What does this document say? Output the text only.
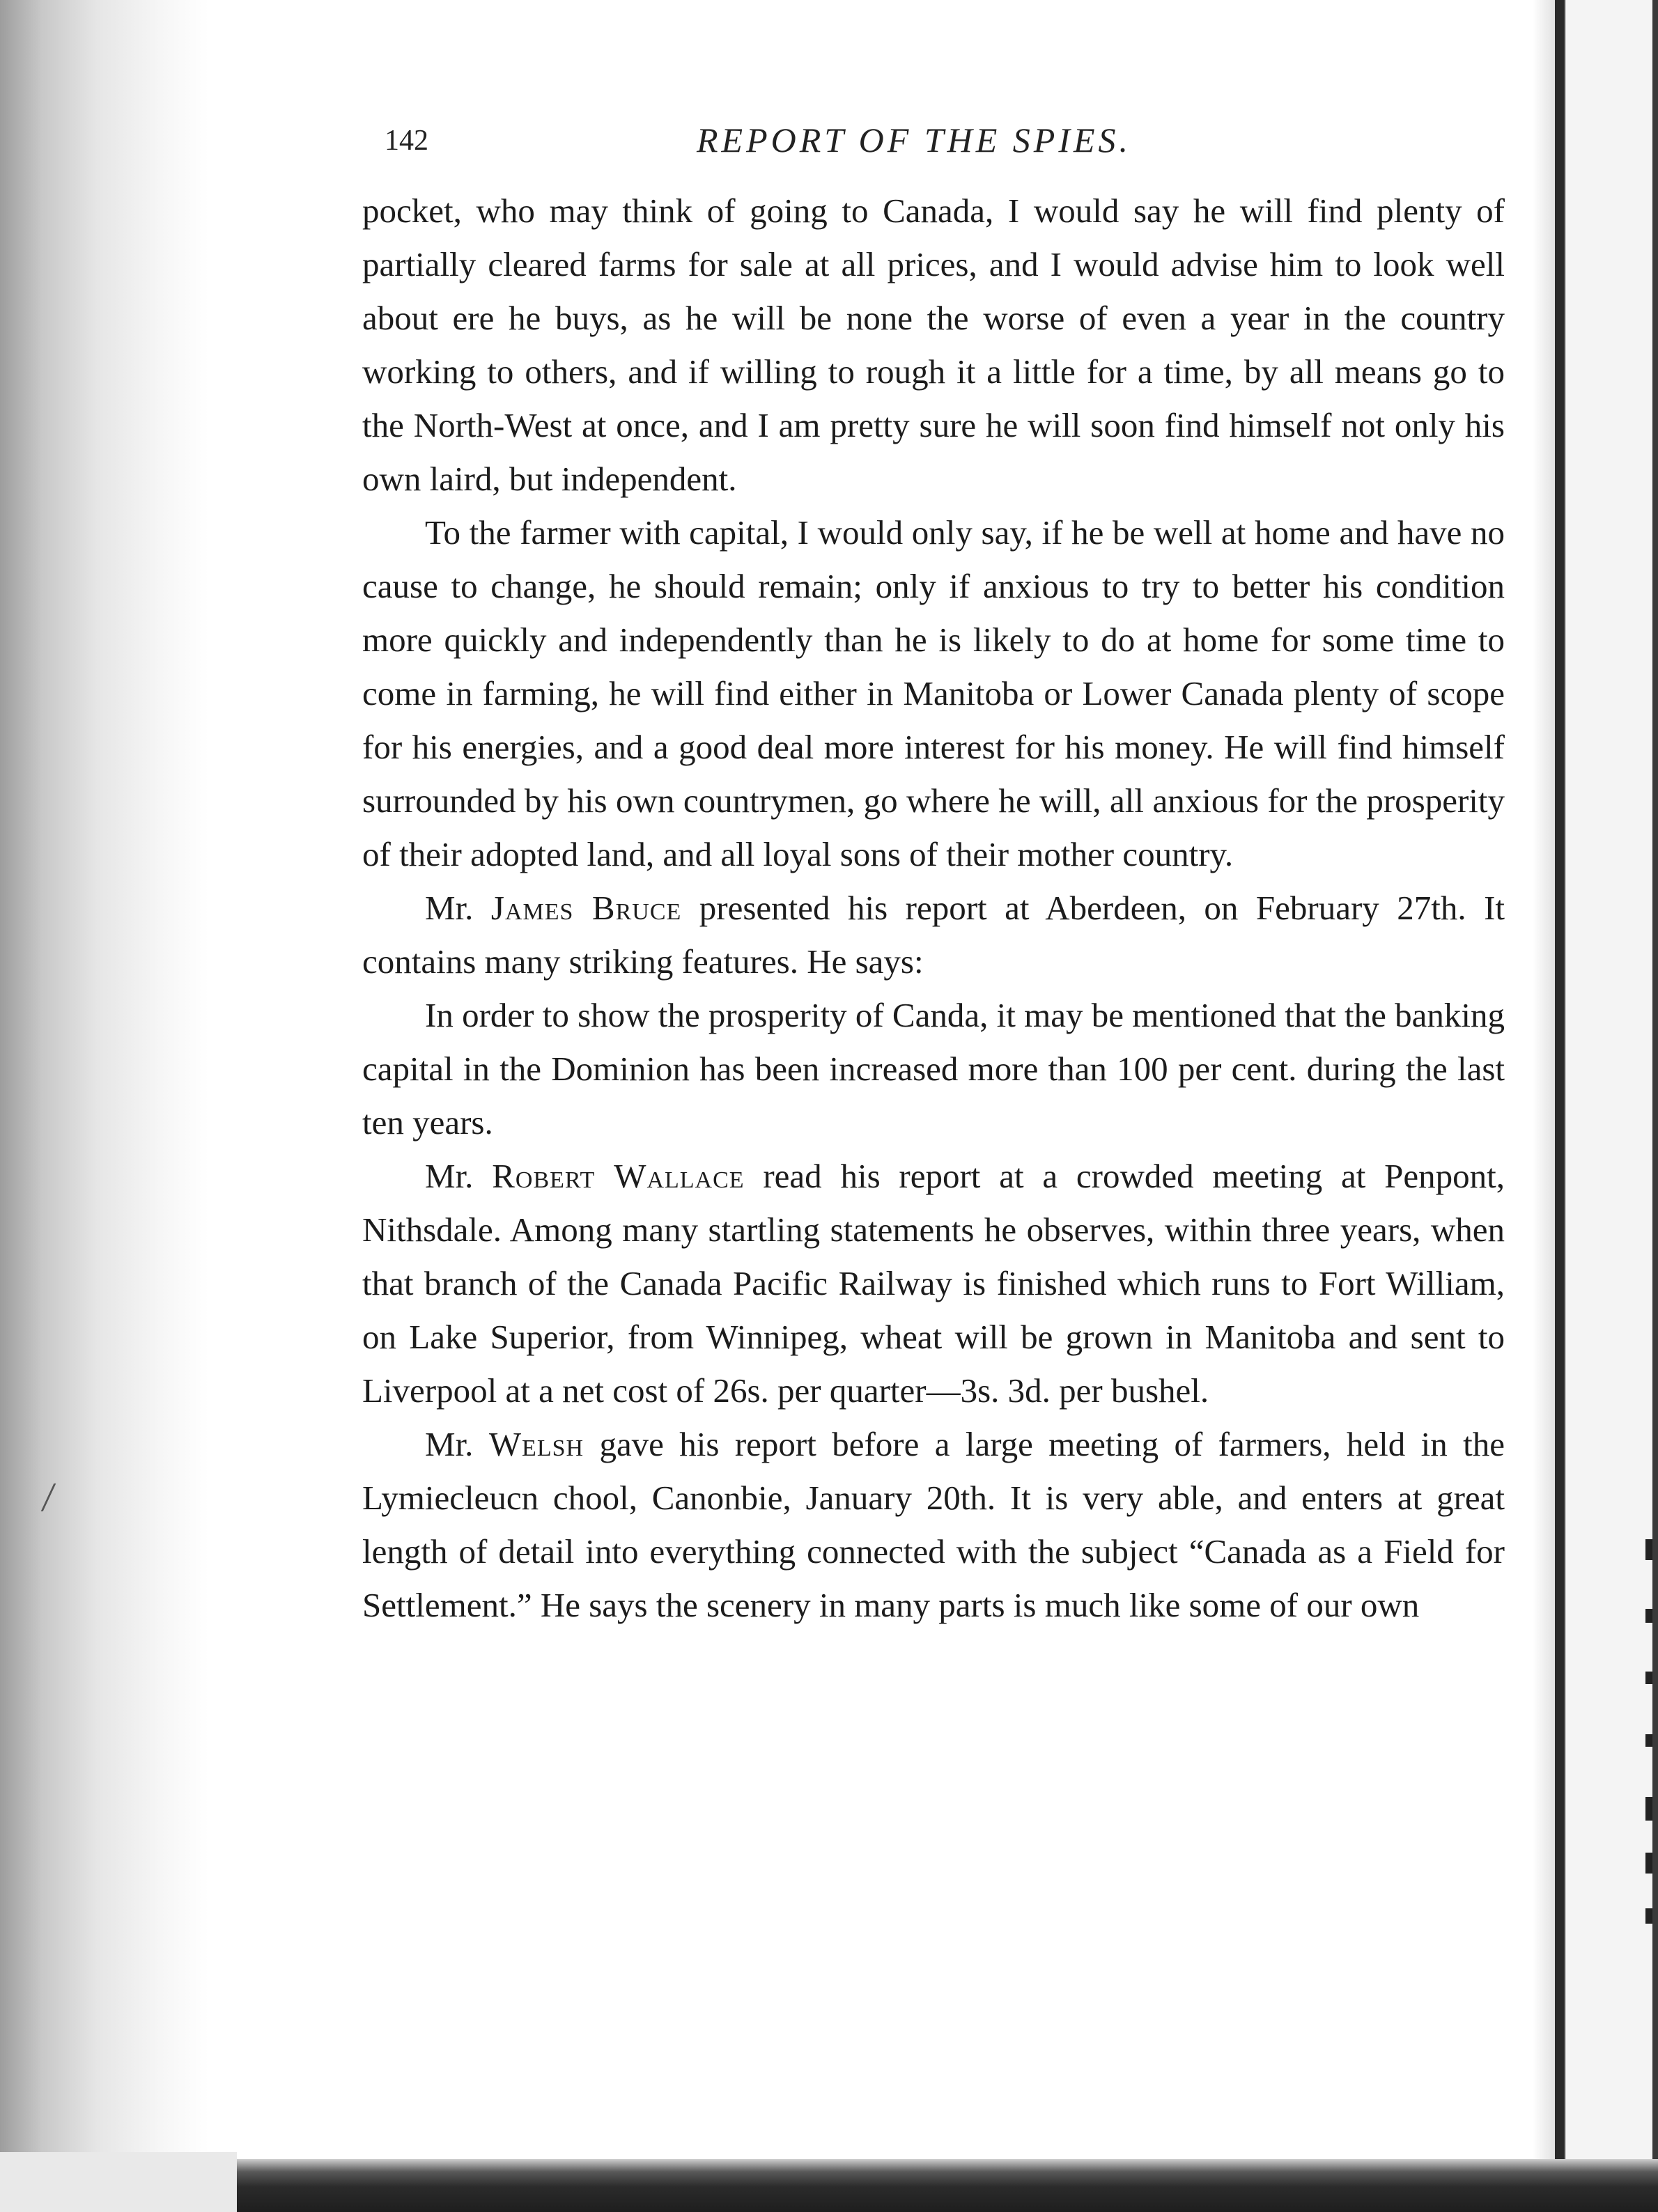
142	REPORT OF THE SPIES.

pocket, who may think of going to Canada, I would say he will find plenty of partially cleared farms for sale at all prices, and I would advise him to look well about ere he buys, as he will be none the worse of even a year in the country working to others, and if willing to rough it a little for a time, by all means go to the North-West at once, and I am pretty sure he will soon find himself not only his own laird, but independent.

To the farmer with capital, I would only say, if he be well at home and have no cause to change, he should remain; only if anxious to try to better his condition more quickly and independently than he is likely to do at home for some time to come in farming, he will find either in Manitoba or Lower Canada plenty of scope for his energies, and a good deal more interest for his money. He will find himself surrounded by his own countrymen, go where he will, all anxious for the prosperity of their adopted land, and all loyal sons of their mother country.

Mr. James Bruce presented his report at Aberdeen, on February 27th. It contains many striking features. He says:

In order to show the prosperity of Canda, it may be mentioned that the banking capital in the Dominion has been increased more than 100 per cent. during the last ten years.

Mr. Robert Wallace read his report at a crowded meeting at Penpont, Nithsdale. Among many startling statements he observes, within three years, when that branch of the Canada Pacific Railway is finished which runs to Fort William, on Lake Superior, from Winnipeg, wheat will be grown in Manitoba and sent to Liverpool at a net cost of 26s. per quarter—3s. 3d. per bushel.

Mr. Welsh gave his report before a large meeting of farmers, held in the Lymiecleucn chool, Canonbie, January 20th. It is very able, and enters at great length of detail into everything connected with the subject “Canada as a Field for Settlement.” He says the scenery in many parts is much like some of our own
